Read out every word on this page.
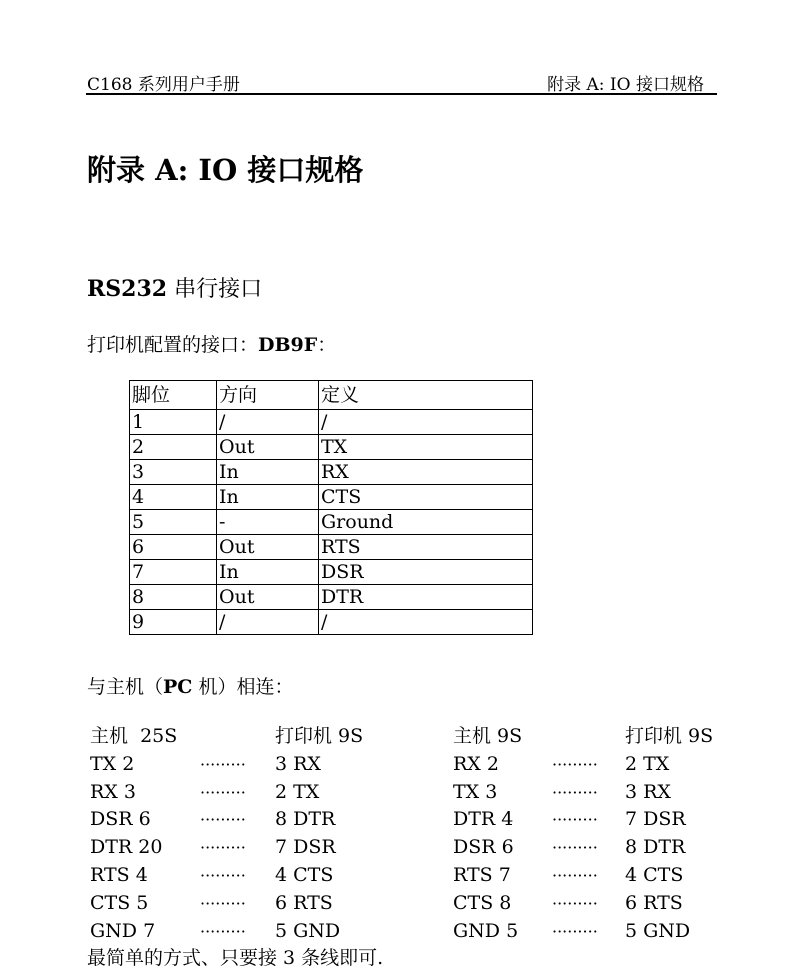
C168 系列用户手册	附录 A: IO 接口规格
附录 A: IO 接口规格
RS232 串行接口
打印机配置的接口：DB9F：
脚位	方向	定义
1	/	/
2	Out	TX
3	In	RX
4	In	CTS
5	-	Ground
6	Out	RTS
7	In	DSR
8	Out	DTR
9	/	/
与主机（PC 机）相连：
主机  25S	打印机 9S	主机 9S	打印机 9S
TX 2	········· 3 RX	RX 2	········· 2 TX
RX 3	········· 2 TX	TX 3	········· 3 RX
DSR 6	········· 8 DTR	DTR 4 ········· 7 DSR
DTR 20 ········· 7 DSR	DSR 6 ········· 8 DTR
RTS 4	········· 4 CTS	RTS 7	········· 4 CTS
CTS 5	········· 6 RTS	CTS 8	········· 6 RTS
GND 7	········· 5 GND	GND 5 ········· 5 GND
最简单的方式、只要接 3 条线即可.
